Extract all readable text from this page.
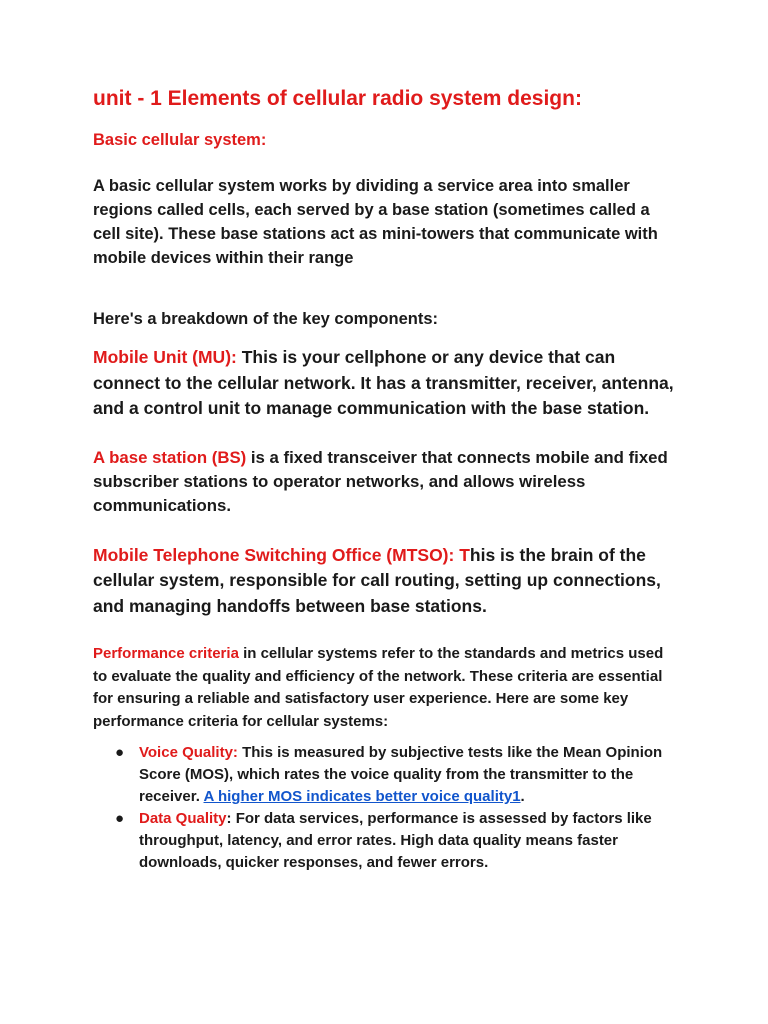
unit - 1 Elements of cellular radio system design:
Basic cellular system:

A basic cellular system works by dividing a service area into smaller regions called cells, each served by a base station (sometimes called a cell site). These base stations act as mini-towers that communicate with mobile devices within their range

Here's a breakdown of the key components:

Mobile Unit (MU): This is your cellphone or any device that can connect to the cellular network. It has a transmitter, receiver, antenna, and a control unit to manage communication with the base station.

A base station (BS) is a fixed transceiver that connects mobile and fixed subscriber stations to operator networks, and allows wireless communications.

Mobile Telephone Switching Office (MTSO): This is the brain of the cellular system, responsible for call routing, setting up connections, and managing handoffs between base stations.

Performance criteria in cellular systems refer to the standards and metrics used to evaluate the quality and efficiency of the network. These criteria are essential for ensuring a reliable and satisfactory user experience. Here are some key performance criteria for cellular systems:

● Voice Quality: This is measured by subjective tests like the Mean Opinion Score (MOS), which rates the voice quality from the transmitter to the receiver. A higher MOS indicates better voice quality1.
● Data Quality: For data services, performance is assessed by factors like throughput, latency, and error rates. High data quality means faster downloads, quicker responses, and fewer errors.
